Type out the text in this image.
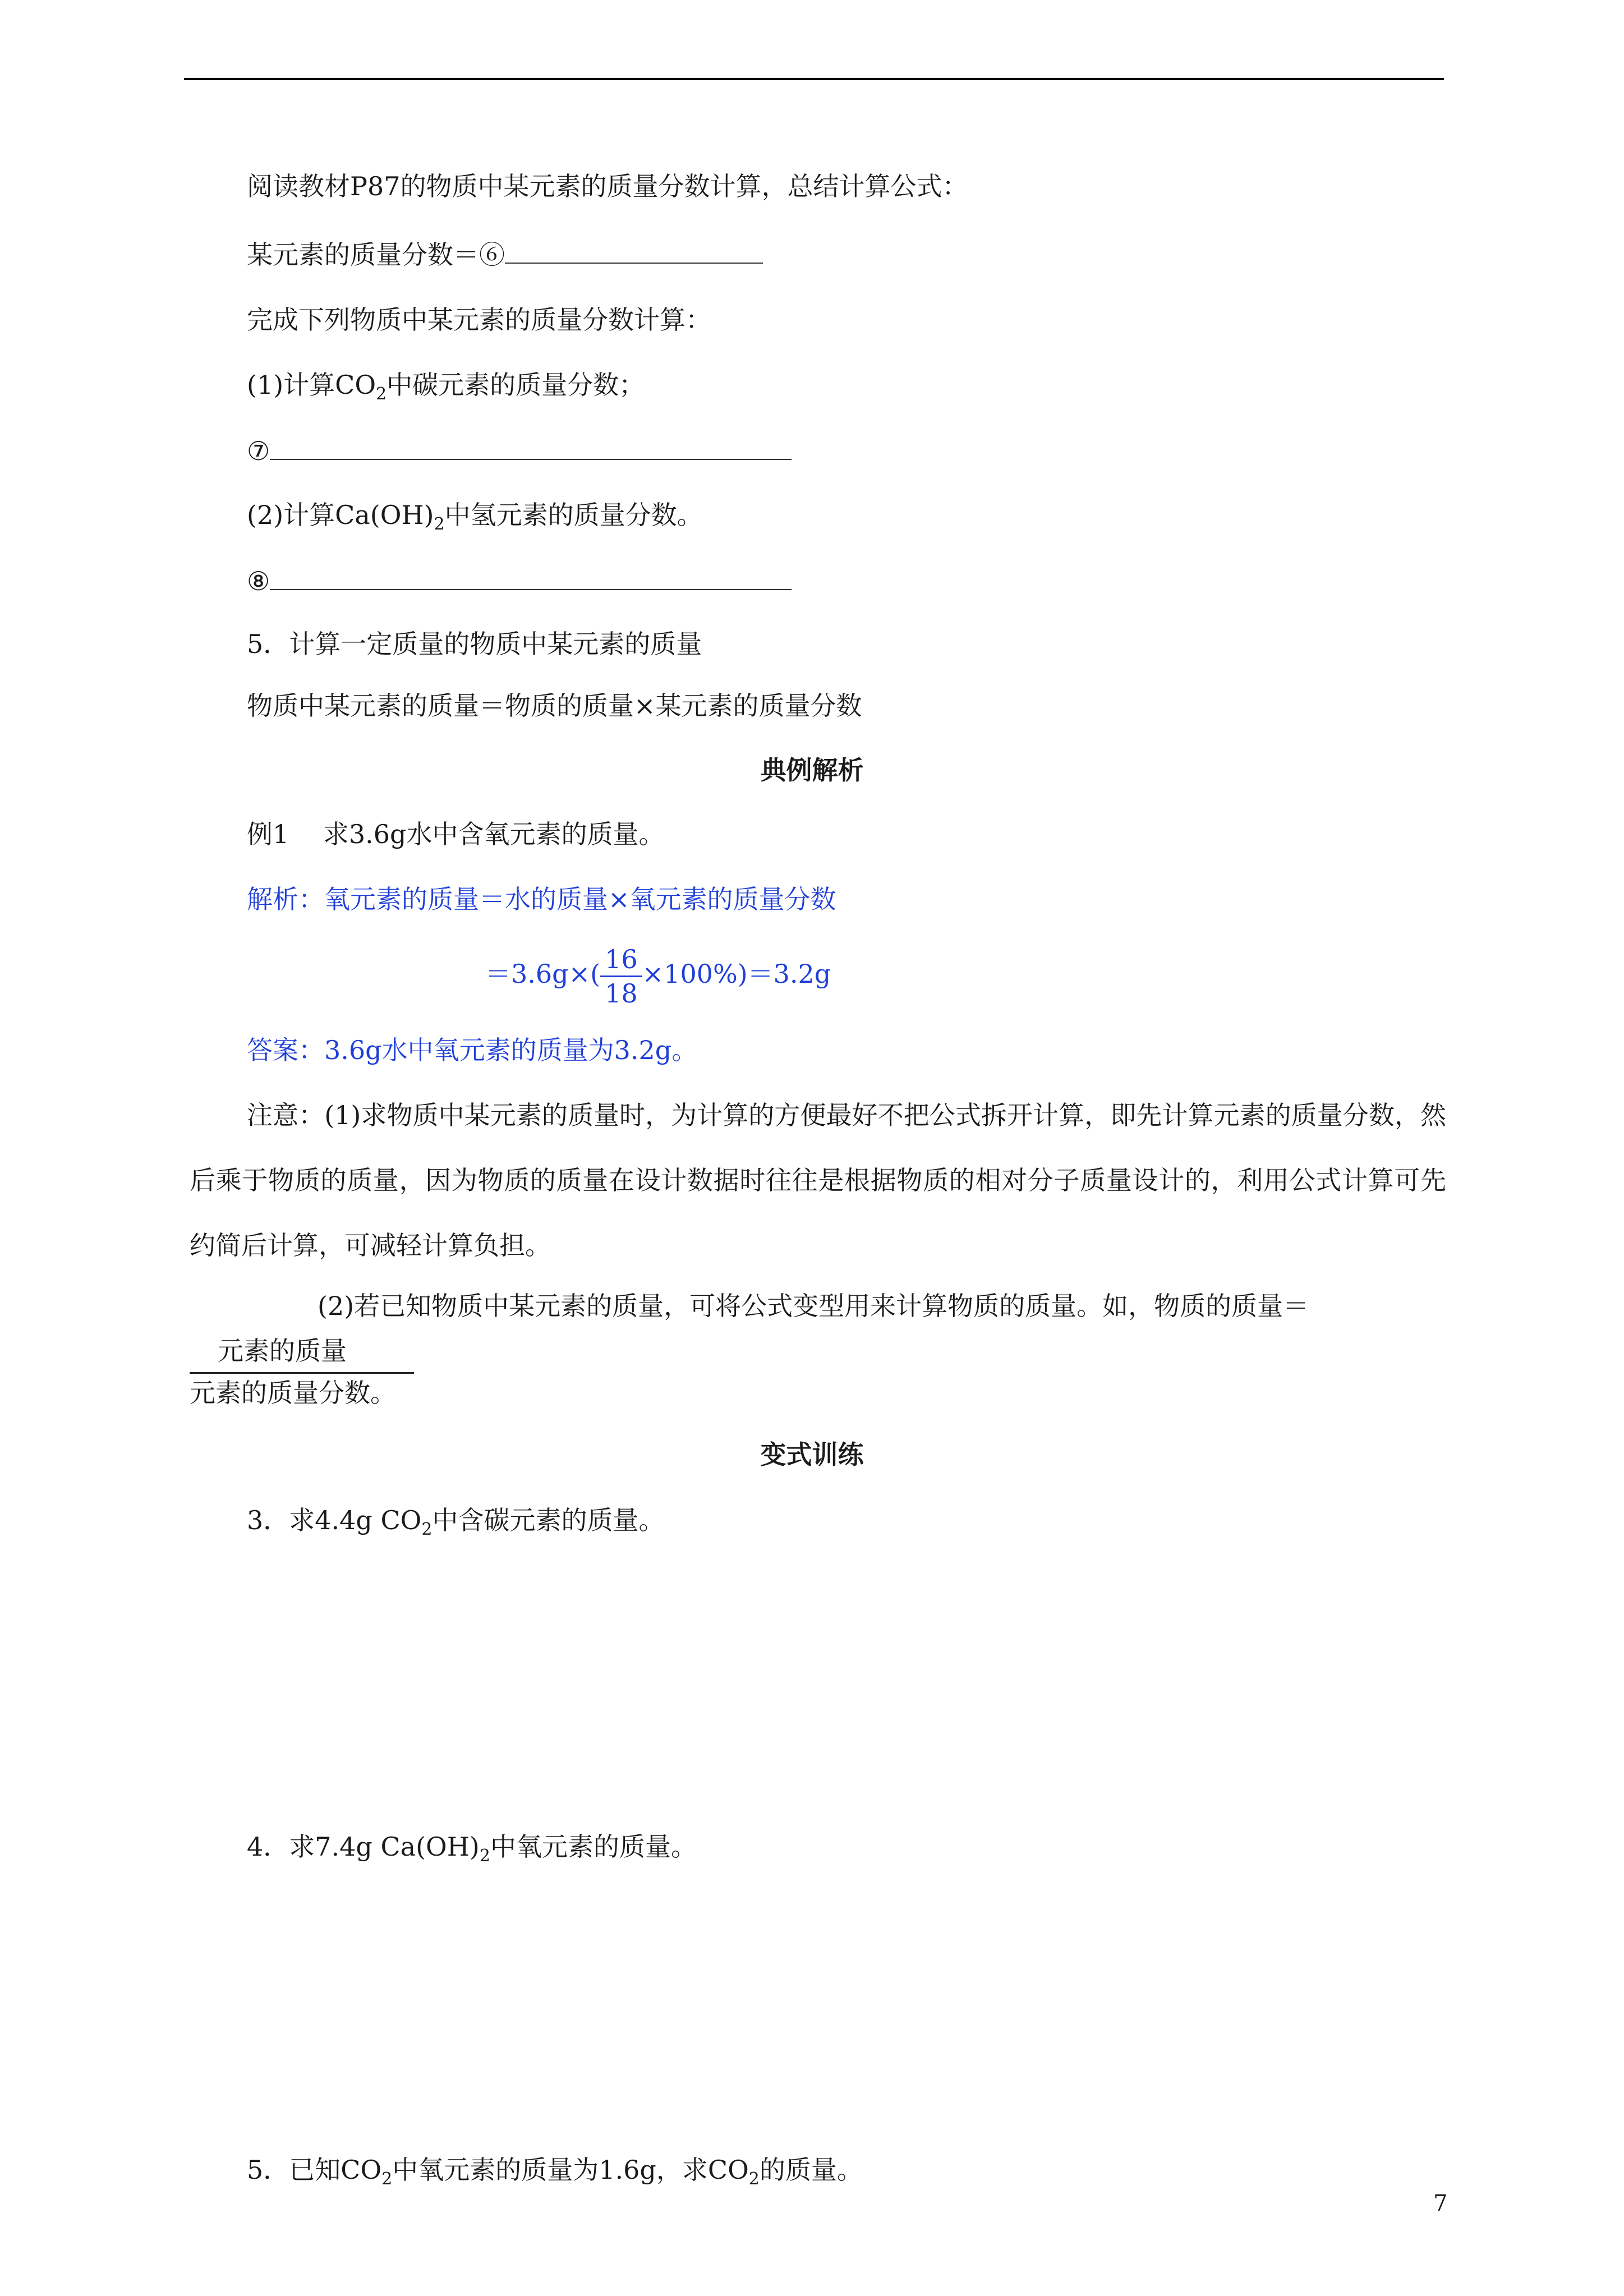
阅读教材P87的物质中某元素的质量分数计算，总结计算公式：
某元素的质量分数＝⑥
完成下列物质中某元素的质量分数计算：
(1)计算$CO_2$中碳元素的质量分数；
⑦
(2)计算$Ca(OH)_2$中氢元素的质量分数。
⑧
5．计算一定质量的物质中某元素的质量
物质中某元素的质量＝物质的质量×某元素的质量分数
典例解析
例1　 求3.6g水中含氧元素的质量。
解析：氧元素的质量＝水的质量×氧元素的质量分数
$=3.6g\times( \frac{16}{18} \times 100\%)=3.2g$
答案：3.6g水中氧元素的质量为3.2g。
注意：(1)求物质中某元素的质量时，为计算的方便最好不把公式拆开计算，即先计算元素的质量分数，然后乘于物质的质量，因为物质的质量在设计数据时往往是根据物质的相对分子质量设计的，利用公式计算可先约简后计算，可减轻计算负担。
(2)若已知物质中某元素的质量，可将公式变型用来计算物质的质量。如，物质的质量＝
元素的质量
元素的质量分数。
变式训练
3．求4.4g $CO_2$中含碳元素的质量。
4．求7.4g $Ca(OH)_2$中氧元素的质量。
5．已知$CO_2$中氧元素的质量为1.6g，求$CO_2$的质量。
7
